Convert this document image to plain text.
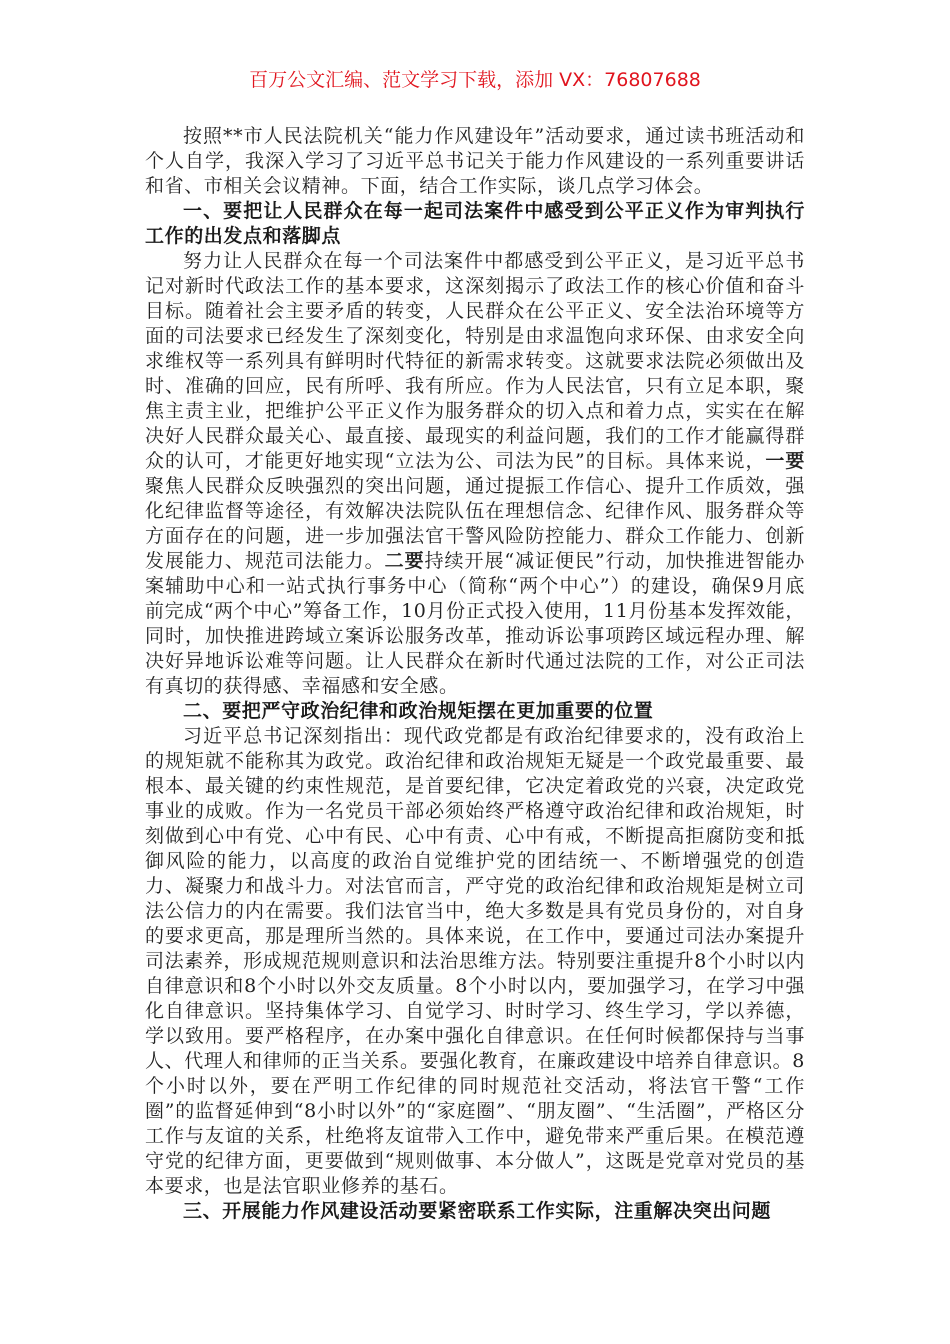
百万公文汇编、范文学习下载，添加 VX：76807688

按照**市人民法院机关“能力作风建设年”活动要求，通过读书班活动和个人自学，我深入学习了习近平总书记关于能力作风建设的一系列重要讲话和省、市相关会议精神。下面，结合工作实际，谈几点学习体会。

一、要把让人民群众在每一起司法案件中感受到公平正义作为审判执行工作的出发点和落脚点

努力让人民群众在每一个司法案件中都感受到公平正义，是习近平总书记对新时代政法工作的基本要求，这深刻揭示了政法工作的核心价值和奋斗目标。随着社会主要矛盾的转变，人民群众在公平正义、安全法治环境等方面的司法要求已经发生了深刻变化，特别是由求温饱向求环保、由求安全向求维权等一系列具有鲜明时代特征的新需求转变。这就要求法院必须做出及时、准确的回应，民有所呼、我有所应。作为人民法官，只有立足本职，聚焦主责主业，把维护公平正义作为服务群众的切入点和着力点，实实在在解决好人民群众最关心、最直接、最现实的利益问题，我们的工作才能赢得群众的认可，才能更好地实现“立法为公、司法为民”的目标。具体来说，一要聚焦人民群众反映强烈的突出问题，通过提振工作信心、提升工作质效，强化纪律监督等途径，有效解决法院队伍在理想信念、纪律作风、服务群众等方面存在的问题，进一步加强法官干警风险防控能力、群众工作能力、创新发展能力、规范司法能力。二要持续开展“减证便民”行动，加快推进智能办案辅助中心和一站式执行事务中心（简称“两个中心”）的建设，确保9月底前完成“两个中心”筹备工作，10月份正式投入使用，11月份基本发挥效能，同时，加快推进跨域立案诉讼服务改革，推动诉讼事项跨区域远程办理、解决好异地诉讼难等问题。让人民群众在新时代通过法院的工作，对公正司法有真切的获得感、幸福感和安全感。

二、要把严守政治纪律和政治规矩摆在更加重要的位置

习近平总书记深刻指出：现代政党都是有政治纪律要求的，没有政治上的规矩就不能称其为政党。政治纪律和政治规矩无疑是一个政党最重要、最根本、最关键的约束性规范，是首要纪律，它决定着政党的兴衰，决定政党事业的成败。作为一名党员干部必须始终严格遵守政治纪律和政治规矩，时刻做到心中有党、心中有民、心中有责、心中有戒，不断提高拒腐防变和抵御风险的能力，以高度的政治自觉维护党的团结统一、不断增强党的创造力、凝聚力和战斗力。对法官而言，严守党的政治纪律和政治规矩是树立司法公信力的内在需要。我们法官当中，绝大多数是具有党员身份的，对自身的要求更高，那是理所当然的。具体来说，在工作中，要通过司法办案提升司法素养，形成规范规则意识和法治思维方法。特别要注重提升8个小时以内自律意识和8个小时以外交友质量。8个小时以内，要加强学习，在学习中强化自律意识。坚持集体学习、自觉学习、时时学习、终生学习，学以养德，学以致用。要严格程序，在办案中强化自律意识。在任何时候都保持与当事人、代理人和律师的正当关系。要强化教育，在廉政建设中培养自律意识。8个小时以外，要在严明工作纪律的同时规范社交活动，将法官干警“工作圈”的监督延伸到“8小时以外”的“家庭圈”、“朋友圈”、“生活圈”，严格区分工作与友谊的关系，杜绝将友谊带入工作中，避免带来严重后果。在模范遵守党的纪律方面，更要做到“规则做事、本分做人”，这既是党章对党员的基本要求，也是法官职业修养的基石。

三、开展能力作风建设活动要紧密联系工作实际，注重解决突出问题
